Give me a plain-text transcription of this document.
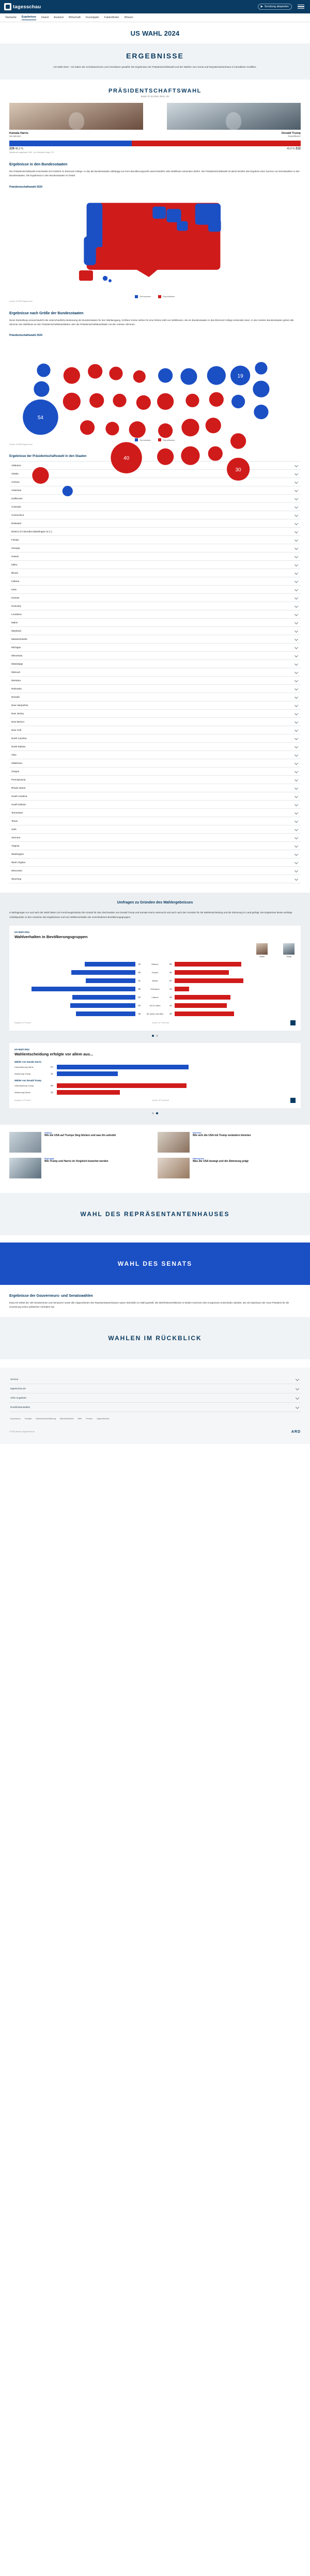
tagesschau	▶ Sendung abspielen
Startseite Ergebnisse Inland Ausland Wirtschaft Investigativ Faktenfinder Wissen
US WAHL 2024
ERGEBNISSE
US-Wahl 2024 – Es haben die Amerikanerinnen und Amerikaner gewählt: Die Ergebnisse der Präsidentschaftswahl und der Wahlen zum Senat und Repräsentantenhaus in interaktiven Grafiken.
PRÄSIDENTSCHAFTSWAHL
Stand: 07.02.2025, 08:51 Uhr
Kamala Harris
Demokraten
Donald Trump
Republikaner
226 48,3 %	49,9 % 312
Wahlleute insgesamt: 538 · Zur Mehrheit nötig: 270
Ergebnisse in den Bundesstaaten
Die Präsidentschaftswahl entscheidet sich letztlich im Electoral College. In das die Bundesstaaten abhängig von ihrer Bevölkerungszahl unterschiedlich viele Wahlleute entsenden dürfen. Die Präsidentschaftswahl ist damit letztlich das Ergebnis einer Summe von Einzelwahlen in den Bundesstaaten. Die Ergebnisse in den Bundesstaaten im Detail:
Präsidentschaftswahl 2024
Demokraten	Republikaner
Quelle: AP/NBC/tagesschau
Ergebnisse nach Größe der Bundesstaaten
Diese Darstellung veranschaulicht die unterschiedliche Bedeutung der Bundesstaaten für den Wahlausgang. Größere Kreise stehen für eine höhere Zahl von Wahlleuten, die ein Bundesstaaten in das Electoral College entsenden kann. In den meisten Bundesstaaten gehen alle Stimmen der Wahlleute an den Präsidentschaftskandidaten oder die Präsidentschaftskandidatin mit den meisten Stimmen.
Präsidentschaftswahl 2024
54
40
19
30
Demokraten	Republikaner
Quelle: AP/NBC/tagesschau
Ergebnisse der Präsidentschaftswahl in den Staaten
Alabama
Alaska
Arizona
Arkansas
Kalifornien
Colorado
Connecticut
Delaware
District of Columbia (Washington D.C.)
Florida
Georgia
Hawaii
Idaho
Illinois
Indiana
Iowa
Kansas
Kentucky
Louisiana
Maine
Maryland
Massachusetts
Michigan
Minnesota
Mississippi
Missouri
Montana
Nebraska
Nevada
New Hampshire
New Jersey
New Mexico
New York
North Carolina
North Dakota
Ohio
Oklahoma
Oregon
Pennsylvania
Rhode Island
South Carolina
South Dakota
Tennessee
Texas
Utah
Vermont
Virginia
Washington
West Virginia
Wisconsin
Wyoming
Umfragen zu Gründen des Wahlergebnisses
In Befragungen vor und nach der Wahl haben US-Forschungsinstitute die Gründe für das Abschneiden von Donald Trump und Kamala Harris untersucht und auch nach den Gründen für die Wahlentscheidung und die Stimmung im Land gefragt. Die Ergebnisse bieten wichtige Anhaltspunkte zu den Ursachen des Ergebnisses und zum Wählerverhalten der verschiedenen Bevölkerungsgruppen.
US-Wahl 2024
Wahlverhalten in Bevölkerungsgruppen
Harris	Trump
42	Männer	55
53	Frauen	45
41	Weiße	57
86	Schwarze	12
52	Latinos	46
54	18-29 Jahre	43
49	65 Jahre und älter	49
Angaben in Prozent	Quelle: AP VoteCast
US-Wahl 2024
Wahlentscheidung erfolgte vor allem aus...
Wähler von Kamala Harris
Unterstützung Harris	67
Ablehnung Trump	31
Wähler von Donald Trump
Unterstützung Trump	66
Ablehnung Harris	32
Angaben in Prozent	Quelle: AP VoteCast
Analyse
Wie die USA auf Trumps Sieg blicken und was ihn antreibt
Interview
Wie sich die USA mit Trump verändern könnten
Reportage
Wie Trump und Harris im Vergleich bewertet werden
Hintergrund
Was die USA bewegt und die Stimmung prägt
WAHL DES REPRÄSENTANTENHAUSES
WAHL DES SENATS
Ergebnisse der Gouverneurs- und Senatswahlen
Etwa ein Drittel der 100 Senatorinnen und Senatoren sowie alle Abgeordneten des Repräsentantenhauses waren ebenfalls zur Wahl gestellt. Die Mehrheitsverhältnisse in beiden Kammern des Kongresses entscheiden darüber, wie viel Spielraum der neue Präsident für die Umsetzung seiner politischen Vorhaben hat.
WAHLEN IM RÜCKBLICK
Service
tagesschau.de
ARD-Angebote
Rundfunkanstalten
Impressum Kontakt Datenschutzerklärung Barrierefreiheit Hilfe Presse Jugendschutz
© ARD-aktuell / tagesschau.de	ARD
